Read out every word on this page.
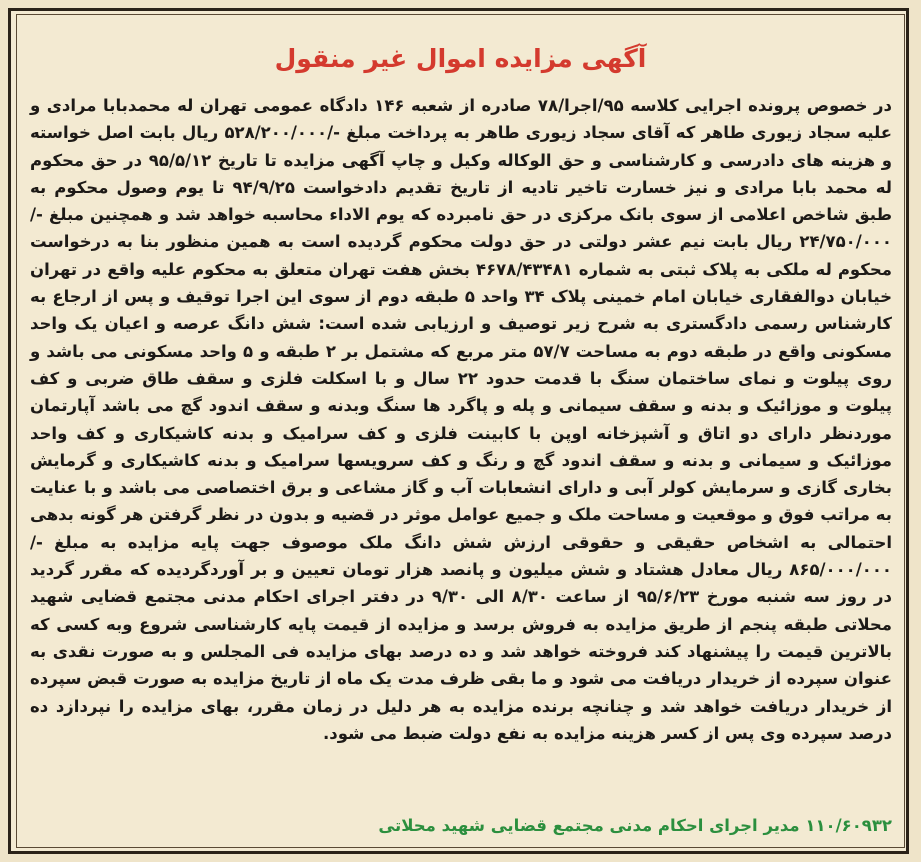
آگهی مزایده اموال غیر منقول

در خصوص پرونده اجرایی کلاسه ۹۵/اجرا/۷۸ صادره از شعبه ۱۴۶ دادگاه عمومی تهران له محمدبابا مرادی و علیه سجاد زیوری طاهر که آقای سجاد زیوری طاهر به پرداخت مبلغ -/۵۲۸/۲۰۰/۰۰۰ ریال بابت اصل خواسته و هزینه های دادرسی و کارشناسی و حق الوکاله وکیل و چاپ آگهی مزایده تا تاریخ ۹۵/۵/۱۲ در حق محکوم له محمد بابا مرادی و نیز خسارت تاخیر تادیه از تاریخ تقدیم دادخواست ۹۴/۹/۲۵ تا یوم وصول محکوم به طبق شاخص اعلامی از سوی بانک مرکزی در حق نامبرده که یوم الاداء محاسبه خواهد شد و همچنین مبلغ -/۲۴/۷۵۰/۰۰۰ ریال بابت نیم عشر دولتی در حق دولت محکوم گردیده است به همین منظور بنا به درخواست محکوم له ملکی به پلاک ثبتی به شماره ۴۶۷۸/۴۳۴۸۱ بخش هفت تهران متعلق به محکوم علیه واقع در تهران خیابان دوالفقاری خیابان امام خمینی پلاک ۳۴ واحد ۵ طبقه دوم از سوی این اجرا توقیف و پس از ارجاع به کارشناس رسمی دادگستری به شرح زیر توصیف و ارزیابی شده است: شش دانگ عرصه و اعیان یک واحد مسکونی واقع در طبقه دوم به مساحت ۵۷/۷ متر مربع که مشتمل بر ۲ طبقه و ۵ واحد مسکونی می باشد و روی پیلوت و نمای ساختمان سنگ با قدمت حدود ۲۲ سال و با اسکلت فلزی و سقف طاق ضربی و کف پیلوت و موزائیک و بدنه و سقف سیمانی و پله و پاگرد ها سنگ وبدنه و سقف اندود گچ می باشد آپارتمان موردنظر دارای دو اتاق و آشپزخانه اوپن با کابینت فلزی و کف سرامیک و بدنه کاشیکاری و کف واحد موزائیک و سیمانی و بدنه و سقف اندود گچ و رنگ و کف سرویسها سرامیک و بدنه کاشیکاری و گرمایش بخاری گازی و سرمایش کولر آبی و دارای انشعابات آب و گاز مشاعی و برق اختصاصی می باشد و با عنایت به مراتب فوق و موقعیت و مساحت ملک و جمیع عوامل موثر در قضیه و بدون در نظر گرفتن هر گونه بدهی احتمالی به اشخاص حقیقی و حقوقی ارزش شش دانگ ملک موصوف جهت پایه مزایده به مبلغ -/۸۶۵/۰۰۰/۰۰۰ ریال معادل هشتاد و شش میلیون و پانصد هزار تومان تعیین و بر آوردگردیده که مقرر گردید در روز سه شنبه مورخ ۹۵/۶/۲۳ از ساعت ۸/۳۰ الی ۹/۳۰ در دفتر اجرای احکام مدنی مجتمع قضایی شهید محلاتی طبقه پنجم از طریق مزایده به فروش برسد و مزایده از قیمت پایه کارشناسی شروع وبه کسی که بالاترین قیمت را پیشنهاد کند فروخته خواهد شد و ده درصد بهای مزایده فی المجلس و به صورت نقدی به عنوان سپرده از خریدار دریافت می شود و ما بقی ظرف مدت یک ماه از تاریخ مزایده به صورت قبض سپرده از خریدار دریافت خواهد شد و چنانچه برنده مزایده به هر دلیل در زمان مقرر، بهای مزایده را نپردازد ده درصد سپرده وی پس از کسر هزینه مزایده به نفع دولت ضبط می شود.

۱۱۰/۶۰۹۳۲ مدیر اجرای احکام مدنی مجتمع قضایی شهید محلاتی
